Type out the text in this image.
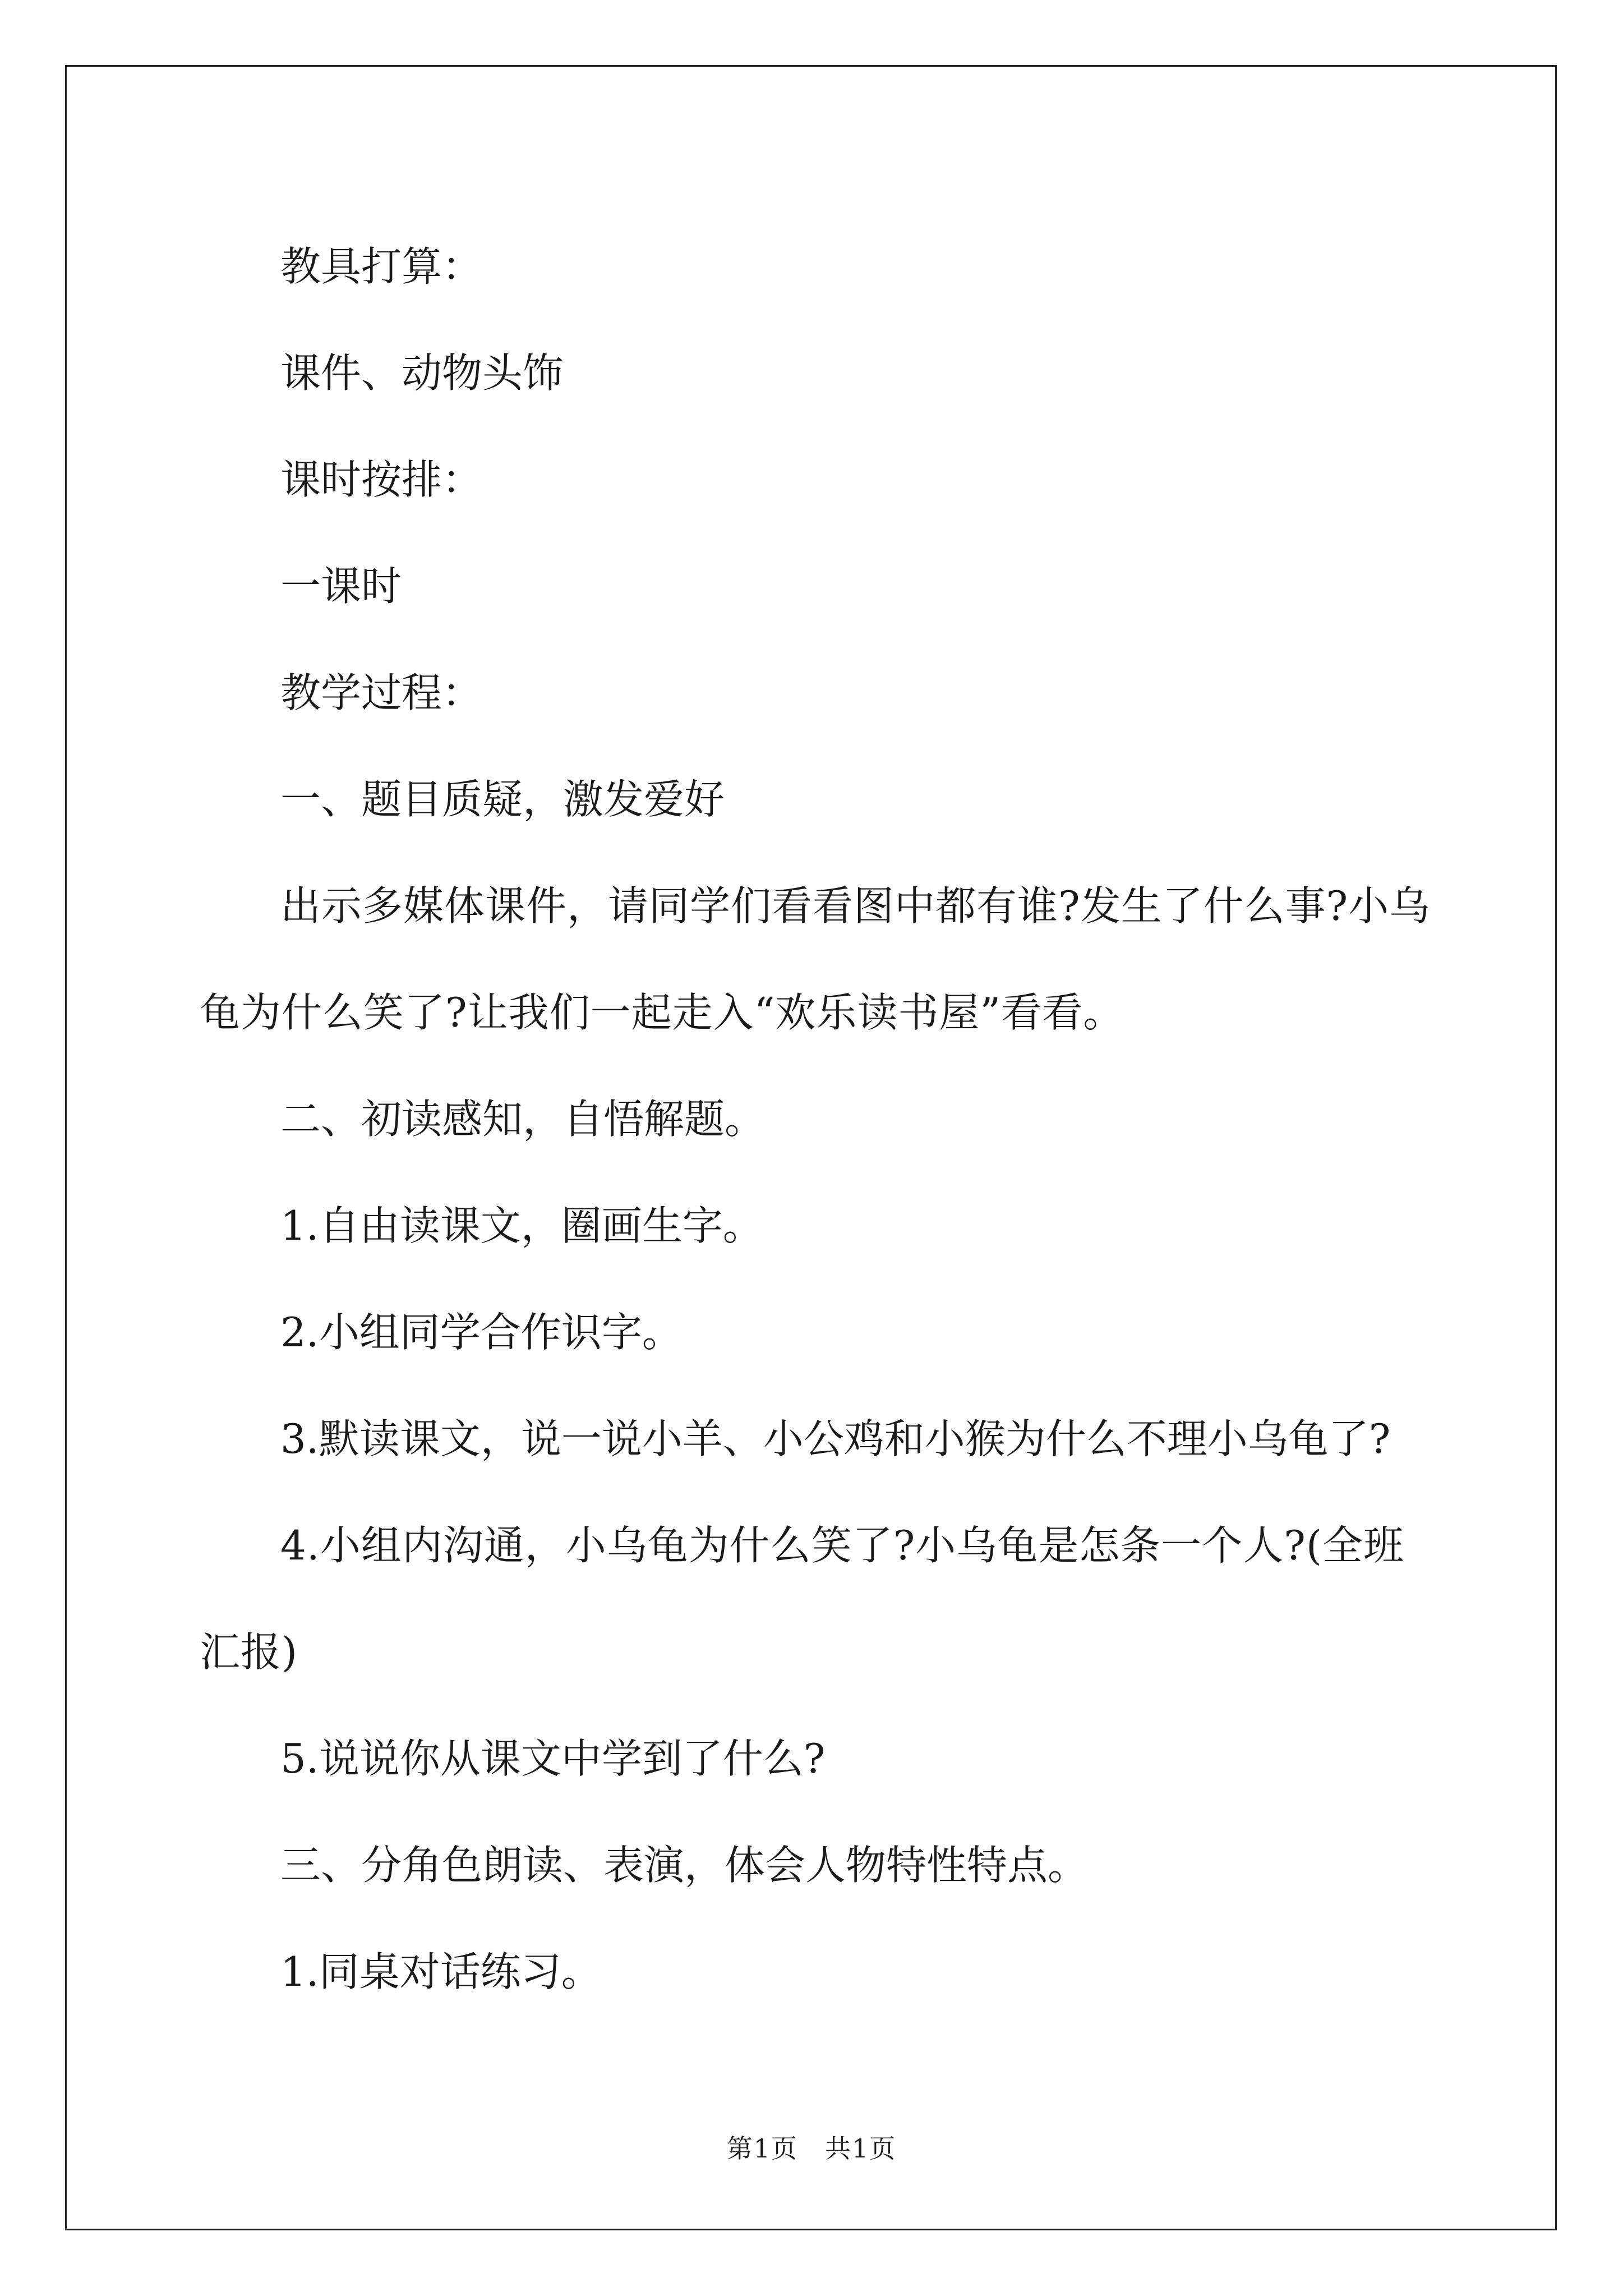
教具打算：

课件、动物头饰

课时按排：

一课时

教学过程：

一、题目质疑，激发爱好

出示多媒体课件，请同学们看看图中都有谁?发生了什么事?小乌龟为什么笑了?让我们一起走入“欢乐读书屋”看看。

二、初读感知，自悟解题。

1.自由读课文，圈画生字。

2.小组同学合作识字。

3.默读课文，说一说小羊、小公鸡和小猴为什么不理小乌龟了?

4.小组内沟通，小乌龟为什么笑了?小乌龟是怎条一个人?(全班汇报)

5.说说你从课文中学到了什么?

三、分角色朗读、表演，体会人物特性特点。

1.同桌对话练习。

第1页　共1页
